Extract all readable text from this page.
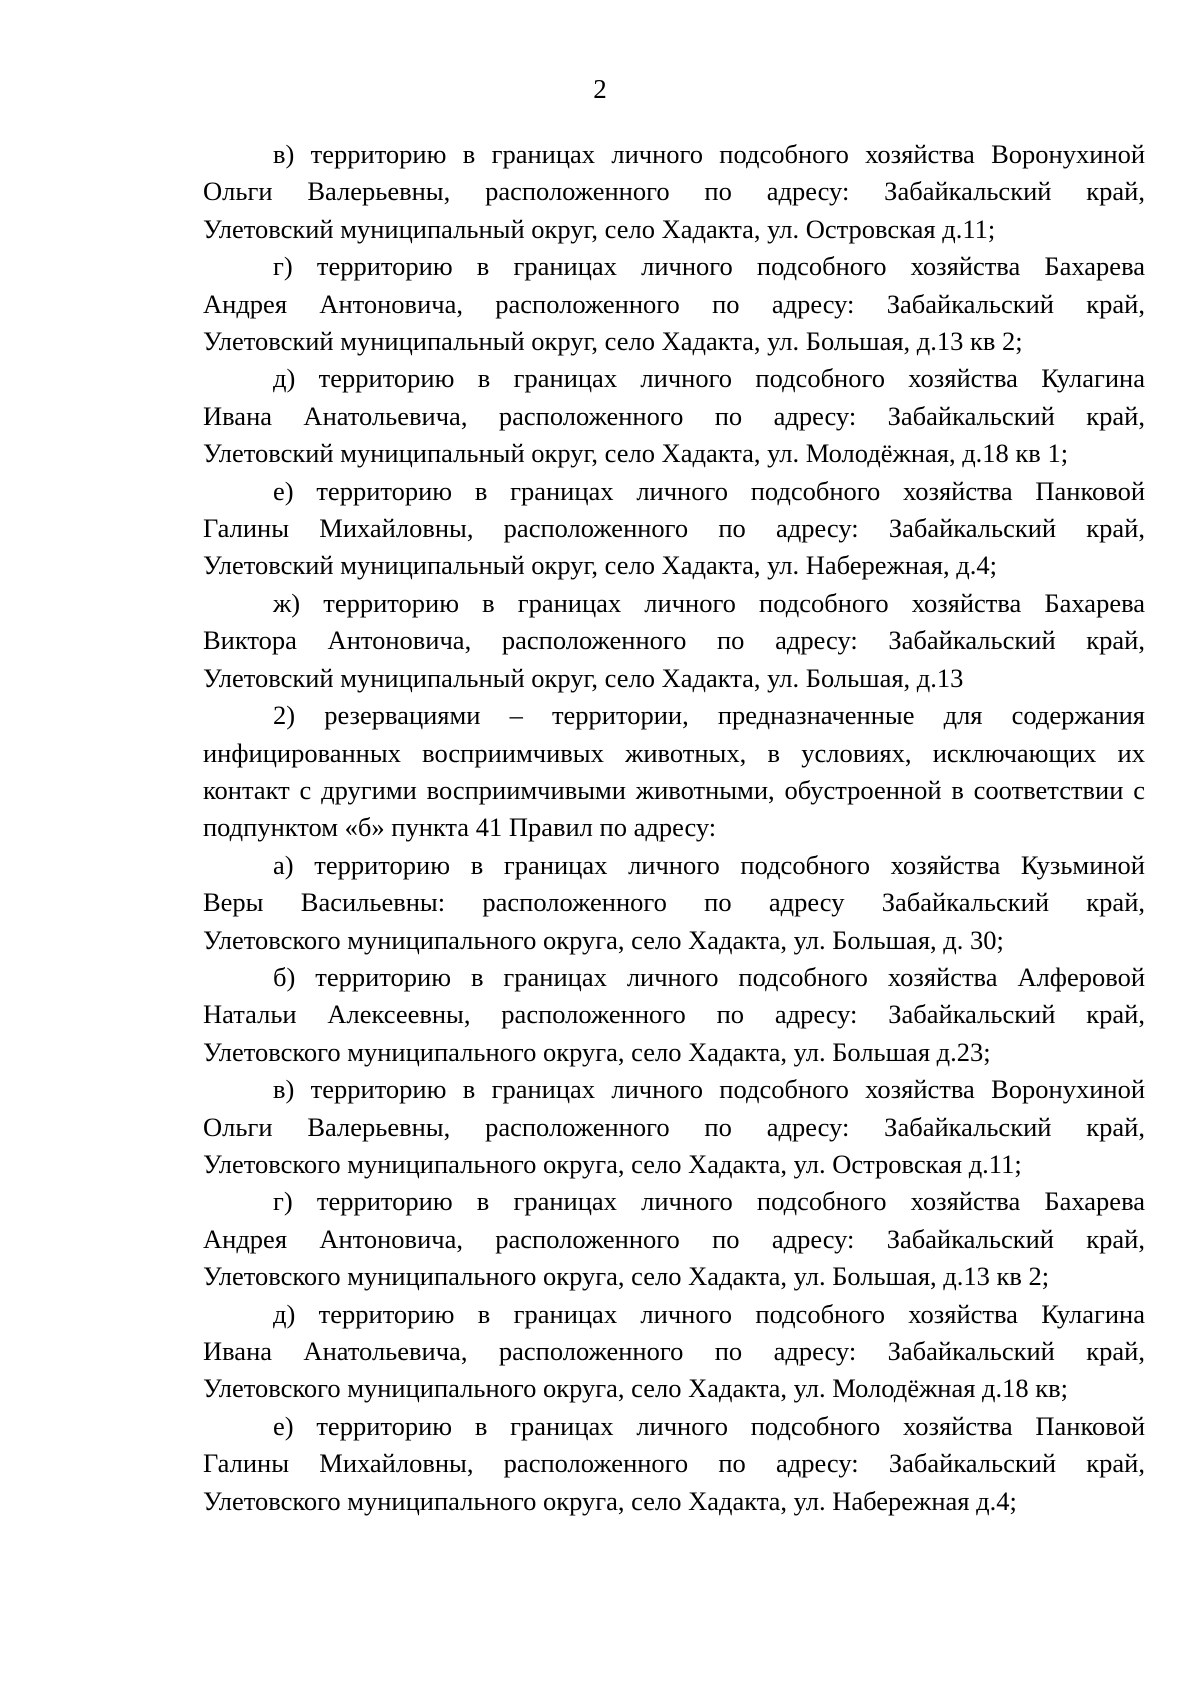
2
в) территорию в границах личного подсобного хозяйства Воронухиной
Ольги Валерьевны, расположенного по адресу: Забайкальский край,
Улетовский муниципальный округ, село Хадакта, ул. Островская д.11;
г) территорию в границах личного подсобного хозяйства Бахарева
Андрея Антоновича, расположенного по адресу: Забайкальский край,
Улетовский муниципальный округ, село Хадакта, ул. Большая, д.13 кв 2;
д) территорию в границах личного подсобного хозяйства Кулагина
Ивана Анатольевича, расположенного по адресу: Забайкальский край,
Улетовский муниципальный округ, село Хадакта, ул. Молодёжная, д.18 кв 1;
е) территорию в границах личного подсобного хозяйства Панковой
Галины Михайловны, расположенного по адресу: Забайкальский край,
Улетовский муниципальный округ, село Хадакта, ул. Набережная, д.4;
ж) территорию в границах личного подсобного хозяйства Бахарева
Виктора Антоновича, расположенного по адресу: Забайкальский край,
Улетовский муниципальный округ, село Хадакта, ул. Большая, д.13
2) резервациями – территории, предназначенные для содержания
инфицированных восприимчивых животных, в условиях, исключающих их
контакт с другими восприимчивыми животными, обустроенной в соответствии с
подпунктом «б» пункта 41 Правил по адресу:
а) территорию в границах личного подсобного хозяйства Кузьминой
Веры Васильевны: расположенного по адресу Забайкальский край,
Улетовского муниципального округа, село Хадакта, ул. Большая, д. 30;
б) территорию в границах личного подсобного хозяйства Алферовой
Натальи Алексеевны, расположенного по адресу: Забайкальский край,
Улетовского муниципального округа, село Хадакта, ул. Большая д.23;
в) территорию в границах личного подсобного хозяйства Воронухиной
Ольги Валерьевны, расположенного по адресу: Забайкальский край,
Улетовского муниципального округа, село Хадакта, ул. Островская д.11;
г) территорию в границах личного подсобного хозяйства Бахарева
Андрея Антоновича, расположенного по адресу: Забайкальский край,
Улетовского муниципального округа, село Хадакта, ул. Большая, д.13 кв 2;
д) территорию в границах личного подсобного хозяйства Кулагина
Ивана Анатольевича, расположенного по адресу: Забайкальский край,
Улетовского муниципального округа, село Хадакта, ул. Молодёжная д.18 кв;
е) территорию в границах личного подсобного хозяйства Панковой
Галины Михайловны, расположенного по адресу: Забайкальский край,
Улетовского муниципального округа, село Хадакта, ул. Набережная д.4;
